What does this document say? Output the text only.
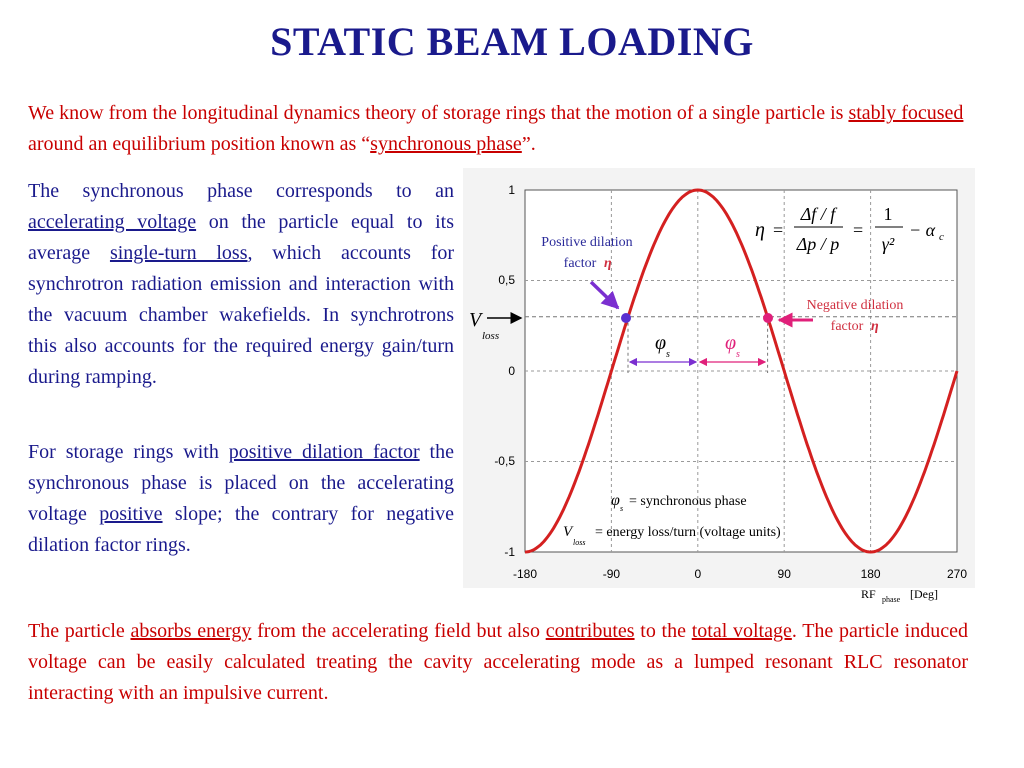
STATIC BEAM LOADING
We know from the longitudinal dynamics theory of storage rings that the motion of a single particle is stably focused around an equilibrium position known as “synchronous phase”.
The synchronous phase corresponds to an accelerating voltage on the particle equal to its average single-turn loss, which accounts for synchrotron radiation emission and interaction with the vacuum chamber wakefields. In synchrotrons this also accounts for the required energy gain/turn during ramping.
For storage rings with positive dilation factor the synchronous phase is placed on the accelerating voltage positive slope; the contrary for negative dilation factor rings.
1
0,5
0
-0,5
-1
-180	-90	0	90	180	270
RF phase [Deg]
V
loss
Positive dilation
factor η
Negative dilation
factor η
φ
s
φ
s
η =
Δf / f
Δp / p
=
1
γ²
− α c
φ s = synchronous phase
V
loss
= energy loss/turn (voltage units)
The particle absorbs energy from the accelerating field but also contributes to the total voltage. The particle induced voltage can be easily calculated treating the cavity accelerating mode as a lumped resonant RLC resonator interacting with an impulsive current.
